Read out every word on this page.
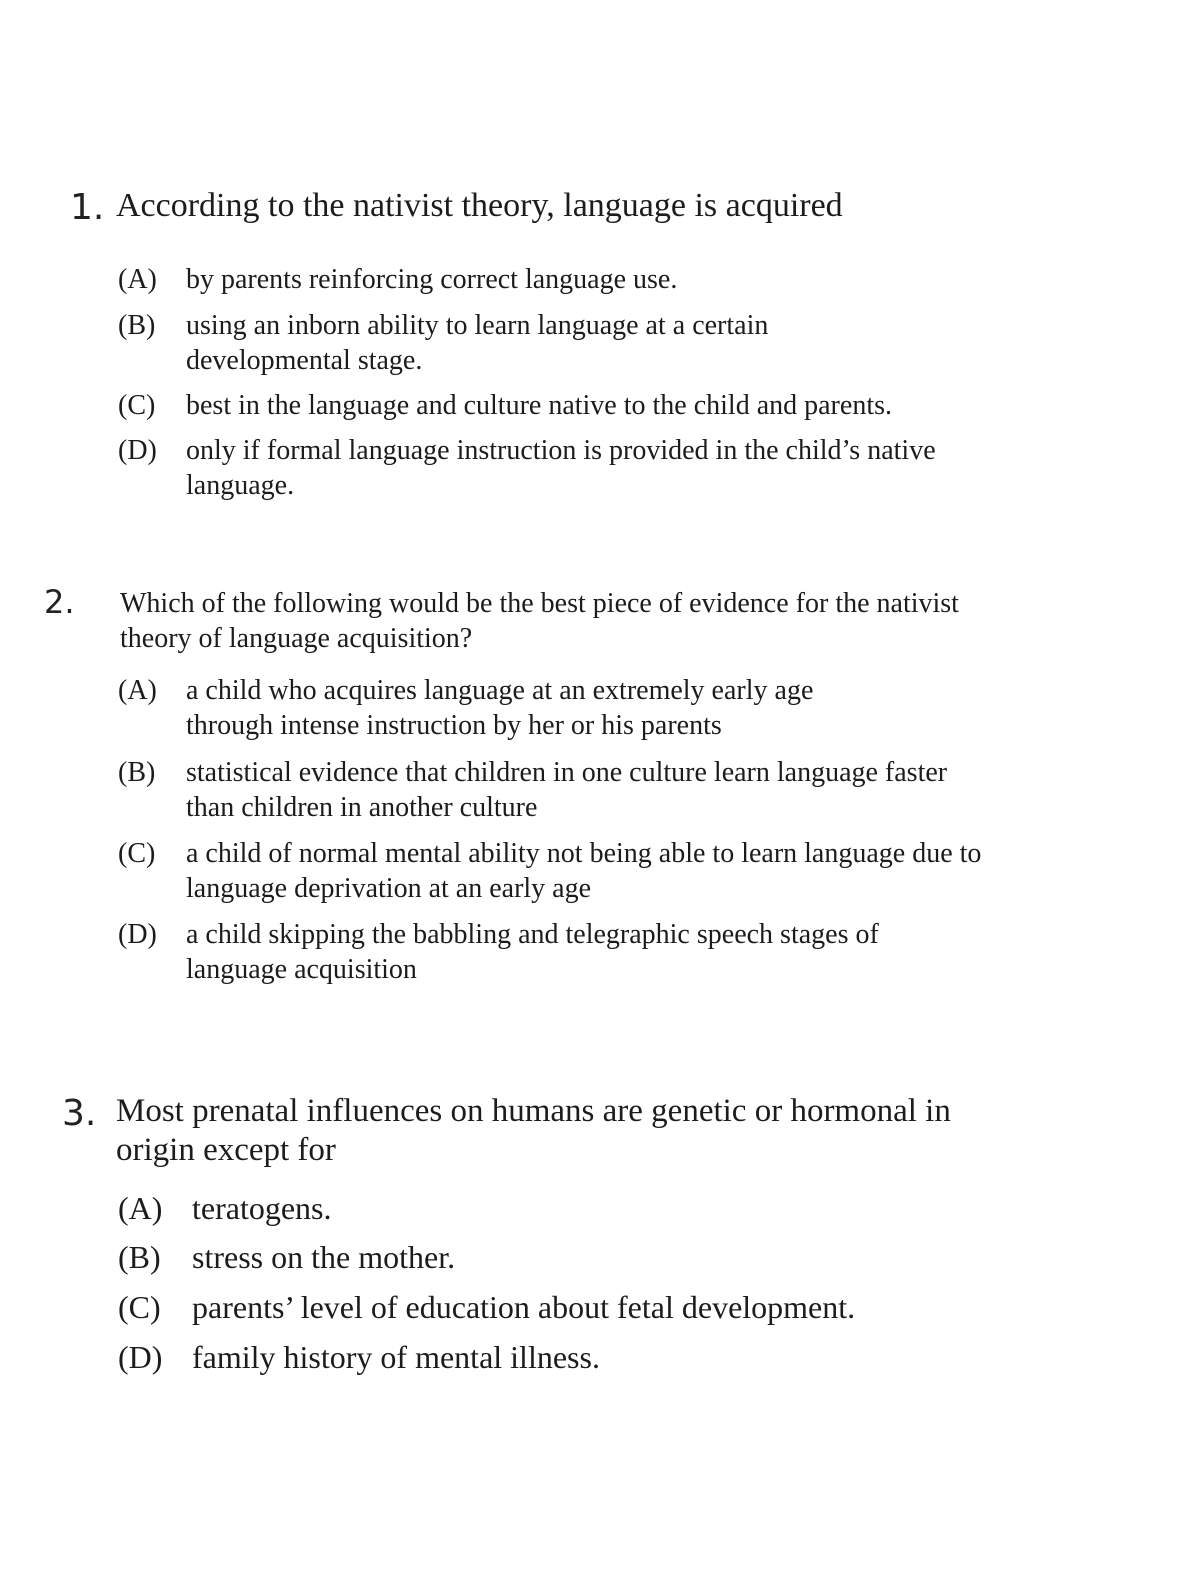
1. According to the nativist theory, language is acquired
(A) by parents reinforcing correct language use.
(B) using an inborn ability to learn language at a certain developmental stage.
(C) best in the language and culture native to the child and parents.
(D) only if formal language instruction is provided in the child’s native language.
2. Which of the following would be the best piece of evidence for the nativist theory of language acquisition?
(A) a child who acquires language at an extremely early age through intense instruction by her or his parents
(B) statistical evidence that children in one culture learn language faster than children in another culture
(C) a child of normal mental ability not being able to learn language due to language deprivation at an early age
(D) a child skipping the babbling and telegraphic speech stages of language acquisition
3. Most prenatal influences on humans are genetic or hormonal in origin except for
(A) teratogens.
(B) stress on the mother.
(C) parents’ level of education about fetal development.
(D) family history of mental illness.
